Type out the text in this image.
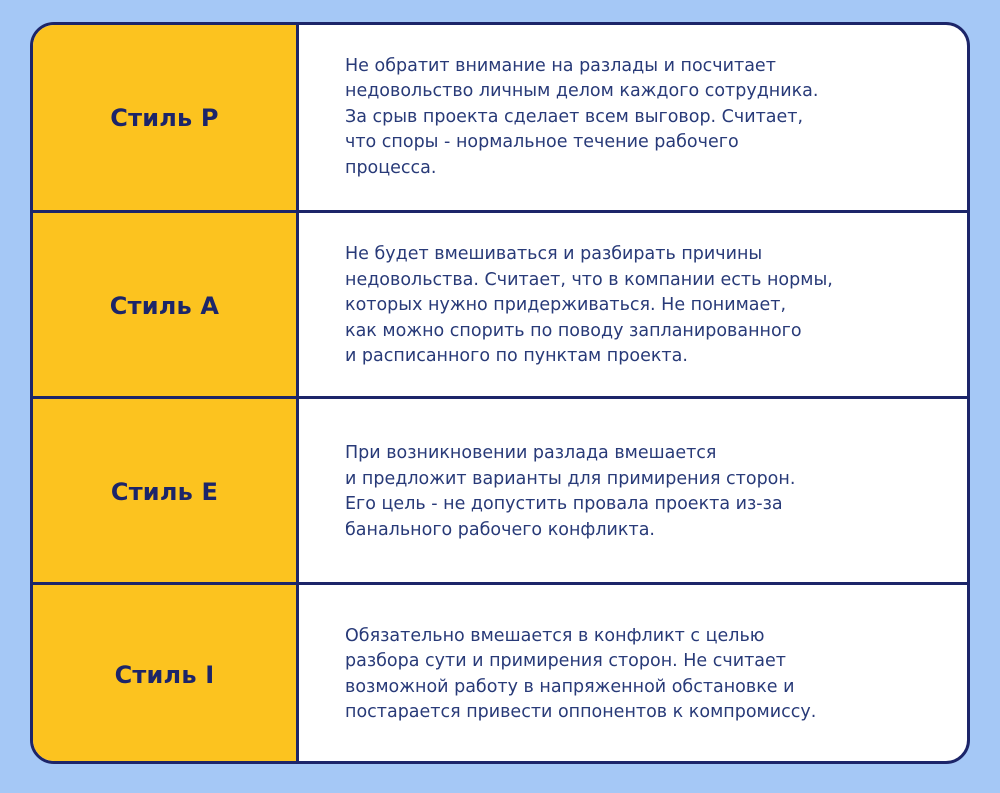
Стиль P

Не обратит внимание на разлады и посчитает
недовольство личным делом каждого сотрудника.
За срыв проекта сделает всем выговор. Считает,
что споры - нормальное течение рабочего
процесса.

Стиль A

Не будет вмешиваться и разбирать причины
недовольства. Считает, что в компании есть нормы,
которых нужно придерживаться. Не понимает,
как можно спорить по поводу запланированного
и расписанного по пунктам проекта.

Стиль E

При возникновении разлада вмешается
и предложит варианты для примирения сторон.
Его цель - не допустить провала проекта из-за
банального рабочего конфликта.

Стиль I

Обязательно вмешается в конфликт с целью
разбора сути и примирения сторон. Не считает
возможной работу в напряженной обстановке и
постарается привести оппонентов к компромиссу.
